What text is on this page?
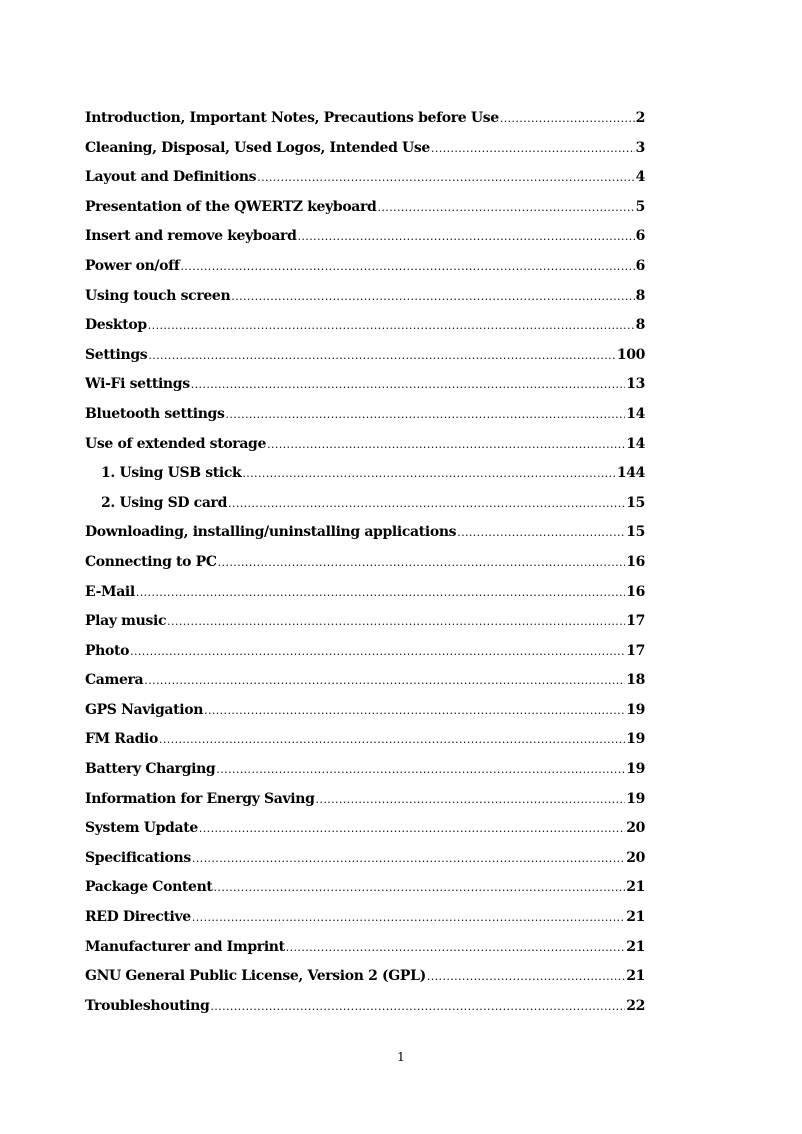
Introduction, Important Notes, Precautions before Use .....	2
Cleaning, Disposal, Used Logos, Intended Use .....	3
Layout and Definitions .....	4
Presentation of the QWERTZ keyboard .....	5
Insert and remove keyboard .....	6
Power on/off .....	6
Using touch screen .....	8
Desktop .....	8
Settings .....	100
Wi-Fi settings .....	13
Bluetooth settings .....	14
Use of extended storage .....	14
1. Using USB stick .....	144
2. Using SD card .....	15
Downloading, installing/uninstalling applications .....	15
Connecting to PC .....	16
E-Mail .....	16
Play music .....	17
Photo .....	17
Camera .....	18
GPS Navigation .....	19
FM Radio .....	19
Battery Charging .....	19
Information for Energy Saving .....	19
System Update .....	20
Specifications .....	20
Package Content .....	21
RED Directive .....	21
Manufacturer and Imprint .....	21
GNU General Public License, Version 2 (GPL) .....	21
Troubleshouting .....	22
1
